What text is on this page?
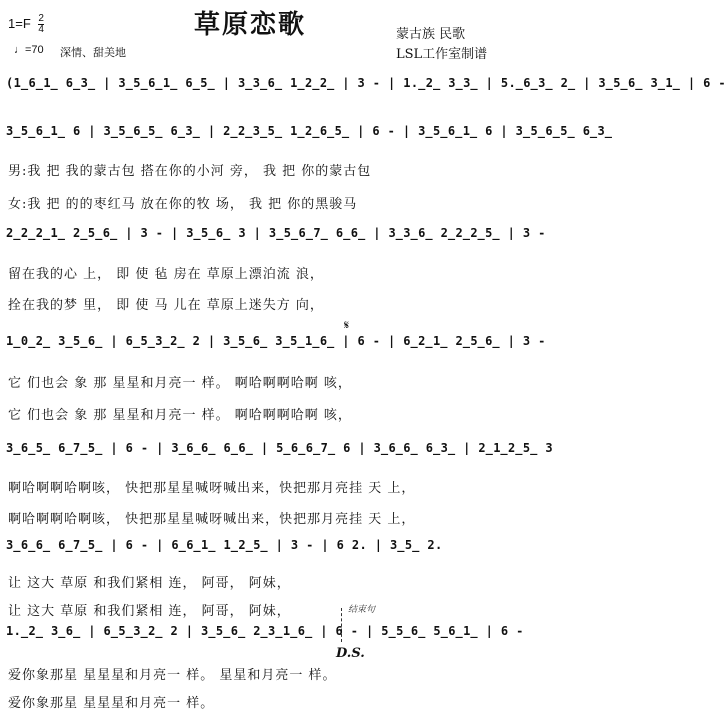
草原恋歌
$1=F \frac{2}{4}$
♩=70 深情、甜美地
蒙古族 民歌
LSL工作室制谱
(1̲6̲1̲ 6̲3̲ | 3̲5̲6̲1̲ 6̲5̲ | 3̲3̲6̲ 1̲2̲2̲ | 3 - | 1.̲2̲ 3̲3̲ | 5.̲6̲3̲ 2̲ | 3̲5̲6̲ 3̲1̲ | 6 -
3̲5̲6̲1̲ 6 | 3̲5̲6̲5̲ 6̲3̲ | 2̲2̲3̲5̲ 1̲2̲6̲5̲ | 6 - | 3̲5̲6̲1̲ 6 | 3̲5̲6̲5̲ 6̲3̲
男:我 把 我的蒙古包 搭在你的小河 旁， 我 把 你的蒙古包
女:我 把 的的枣红马 放在你的牧 场， 我 把 你的黑骏马
2̲2̲2̲1̲ 2̲5̲6̲ | 3 - | 3̲5̲6̲ 3 | 3̲5̲6̲7̲ 6̲6̲ | 3̲3̲6̲ 2̲2̲2̲5̲ | 3 -
留在我的心 上， 即 使 毡 房在 草原上漂泊流 浪，
拴在我的梦 里， 即 使 马 儿在 草原上迷失方 向，
𝄋
1̲0̲2̲ 3̲5̲6̲ | 6̲5̲3̲2̲ 2 | 3̲5̲6̲ 3̲5̲1̲6̲ | 6 - | 6̲2̲1̲ 2̲5̲6̲ | 3 -
它 们也会 象 那 星星和月亮一 样。 啊哈啊啊哈啊 咳，
它 们也会 象 那 星星和月亮一 样。 啊哈啊啊哈啊 咳，
3̲6̲5̲ 6̲7̲5̲ | 6 - | 3̲6̲6̲ 6̲6̲ | 5̲6̲6̲7̲ 6 | 3̲6̲6̲ 6̲3̲ | 2̲1̲2̲5̲ 3
啊哈啊啊哈啊咳， 快把那星星喊呀喊出来，快把那月亮挂 天 上，
啊哈啊啊哈啊咳， 快把那星星喊呀喊出来，快把那月亮挂 天 上，
3̲6̲6̲ 6̲7̲5̲ | 6 - | 6̲6̲1̲ 1̲2̲5̲ | 3 - | 6 2. | 3̲5̲ 2.
让 这大 草原 和我们紧相 连， 阿哥， 阿妹，
让 这大 草原 和我们紧相 连， 阿哥， 阿妹，	结束句
1.̲2̲ 3̲6̲ | 6̲5̲3̲2̲ 2 | 3̲5̲6̲ 2̲3̲1̲6̲ | 6 - | 5̲5̲6̲ 5̲6̲1̲ | 6 -
D.S.
爱你象那星 星星星和月亮一 样。 星星和月亮一 样。
爱你象那星 星星星和月亮一 样。
